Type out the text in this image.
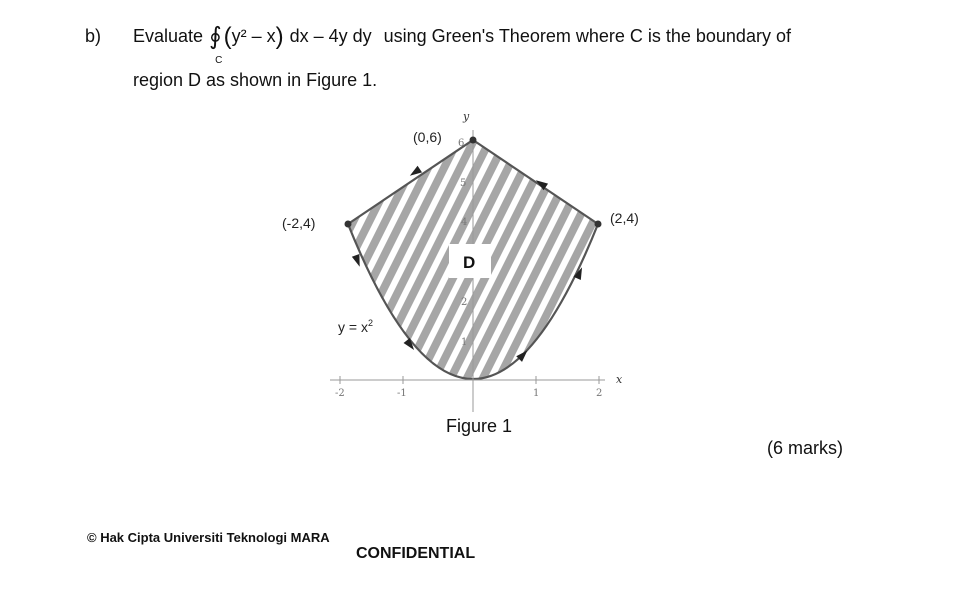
b) Evaluate ∮
C
( y² – x ) dx – 4y dy using Green's Theorem where C is the boundary of
region D as shown in Figure 1.
-2	-1	1	2
x
y
1
2
4
5
6
D
$y = x^2$
(0,6)
(-2,4)	(2,4)
Figure 1
(6 marks)
© Hak Cipta Universiti Teknologi MARA
CONFIDENTIAL
